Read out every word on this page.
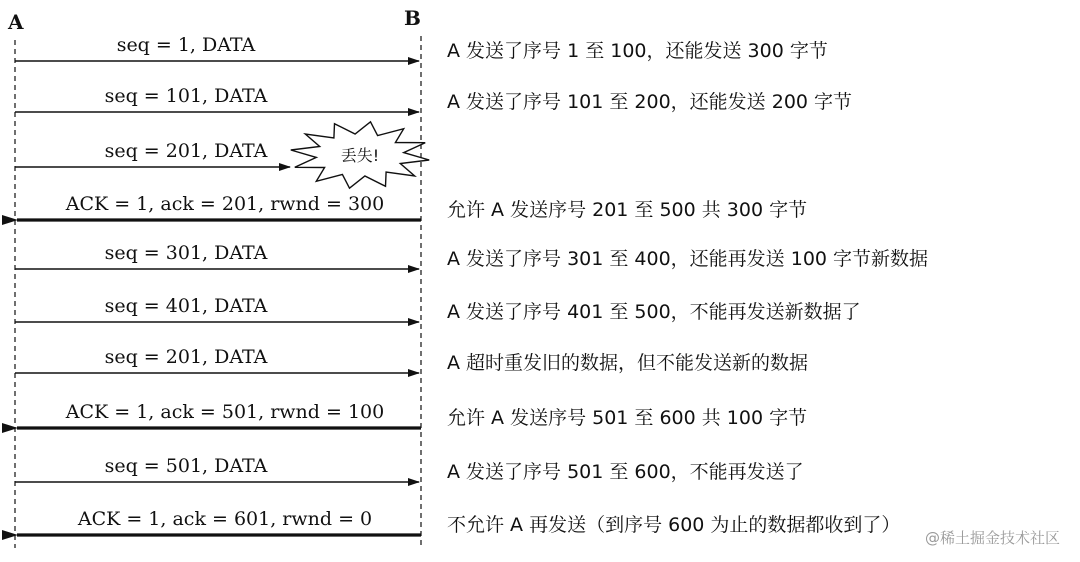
A	B
seq = 1, DATA	A 发送了序号 1 至 100，还能发送 300 字节
seq = 101, DATA	A 发送了序号 101 至 200，还能发送 200 字节
seq = 201, DATA
ACK = 1, ack = 201, rwnd = 300	允许 A 发送序号 201 至 500 共 300 字节
seq = 301, DATA	A 发送了序号 301 至 400，还能再发送 100 字节新数据
seq = 401, DATA	A 发送了序号 401 至 500，不能再发送新数据了
seq = 201, DATA	A 超时重发旧的数据，但不能发送新的数据
ACK = 1, ack = 501, rwnd = 100	允许 A 发送序号 501 至 600 共 100 字节
seq = 501, DATA	A 发送了序号 501 至 600，不能再发送了
ACK = 1, ack = 601, rwnd = 0	不允许 A 再发送（到序号 600 为止的数据都收到了）
丢失!
@稀土掘金技术社区
